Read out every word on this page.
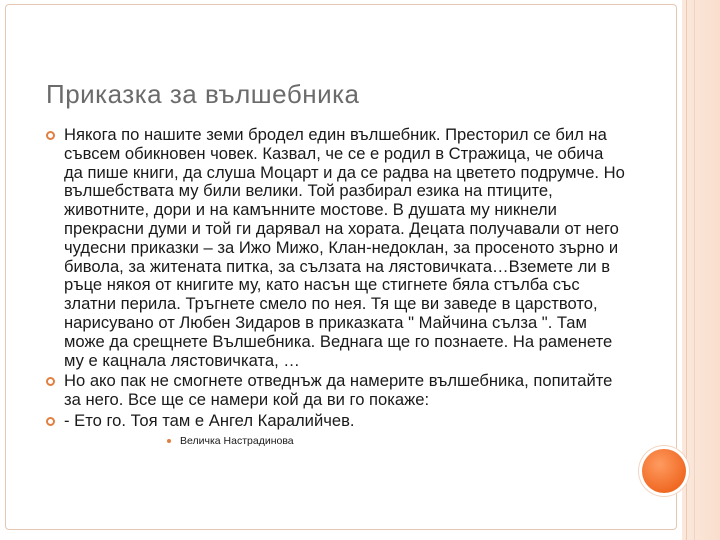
Приказка за вълшебника
Някога по нашите земи бродел един вълшебник. Престорил се бил на съвсем обикновен човек. Казвал, че се е родил в Стражица, че обича да пише книги, да слуша Моцарт и да се радва на цветето подрумче. Но вълшебствата му били велики. Той разбирал езика на птиците, животните, дори и на камънните мостове. В душата му никнели прекрасни думи и той ги дарявал на хората. Децата получавали от него чудесни приказки – за Ижо Мижо, Клан-недоклан, за просеното зърно и бивола, за житената питка, за сълзата на лястовичката…Вземете ли в ръце някоя от книгите му, като насън ще стигнете бяла стълба със златни перила. Тръгнете смело по нея. Тя ще ви заведе в царството, нарисувано от Любен Зидаров в приказката " Майчина сълза ". Там може да срещнете Вълшебника. Веднага ще го познаете. На раменете му е кацнала лястовичката, …
Но ако пак не смогнете отведнъж да намерите вълшебника, попитайте за него. Все ще се намери кой да ви го покаже:
- Ето го. Тоя там е Ангел Каралийчев.
Величка Настрадинова
